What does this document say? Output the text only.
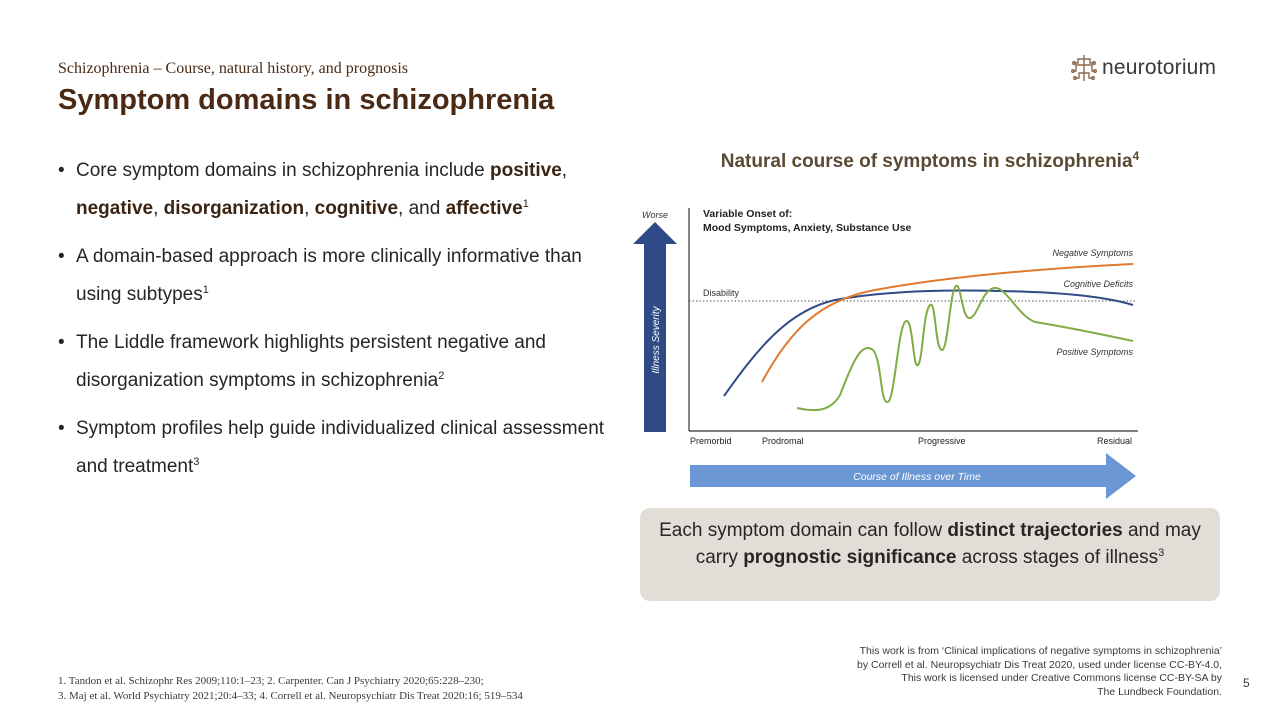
Schizophrenia – Course, natural history, and prognosis
Symptom domains in schizophrenia
neurotorium
• Core symptom domains in schizophrenia include positive, negative, disorganization, cognitive, and affective$^1$
• A domain-based approach is more clinically informative than using subtypes$^1$
• The Liddle framework highlights persistent negative and disorganization symptoms in schizophrenia$^2$
• Symptom profiles help guide individualized clinical assessment and treatment$^3$
Natural course of symptoms in schizophrenia$^4$
Worse
Illness Severity
Variable Onset of:
Mood Symptoms, Anxiety, Substance Use
Disability
Negative Symptoms
Cognitive Deficits
Positive Symptoms
Premorbid	Prodromal	Progressive	Residual
Course of Illness over Time
Each symptom domain can follow distinct trajectories and may carry prognostic significance across stages of illness$^3$
1. Tandon et al. Schizophr Res 2009;110:1–23; 2. Carpenter. Can J Psychiatry 2020;65:228–230;
3. Maj et al. World Psychiatry 2021;20:4–33; 4. Correll et al. Neuropsychiatr Dis Treat 2020:16; 519–534
This work is from ‘Clinical implications of negative symptoms in schizophrenia’
by Correll et al. Neuropsychiatr Dis Treat 2020, used under license CC-BY-4.0,
This work is licensed under Creative Commons license CC-BY-SA by
The Lundbeck Foundation.
5
